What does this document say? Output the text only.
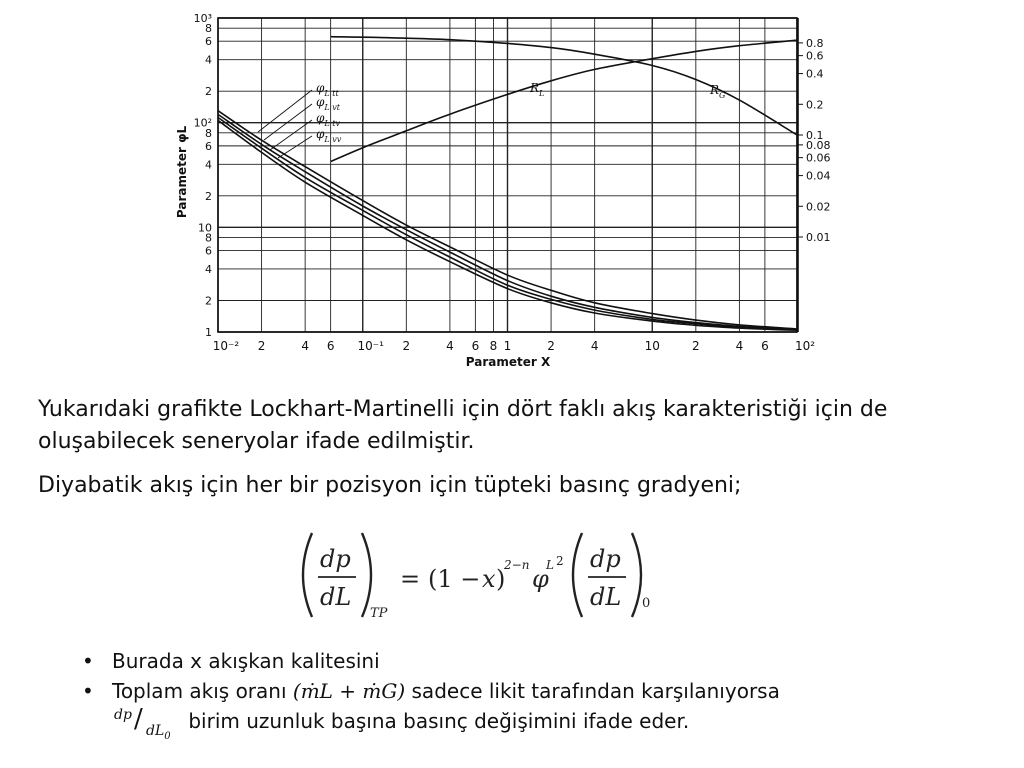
10⁻² 2	4 6 10⁻¹ 2	4 6 8 1	2	4	10	2	4 6 10²
1
2
4
6
8
10
2
4
6
8
10²
2
4
6
8
10³
0.01
0.02
0.04
0.06
0.08
0.1
0.2
0.4
0.6
0.8
Parameter X
Parameter φL
$\varphi_{L tt}$
$\varphi_{L vt}$
$\varphi_{L tv}$
$\varphi_{L vv}$
$R_L$	$R_G$

Yukarıdaki grafikte Lockhart-Martinelli için dört faklı akış karakteristiği için de oluşabilecek seneryolar ifade edilmiştir.

Diyabatik akış için her bir pozisyon için tüpteki basınç gradyeni;

dp
dL
TP
= (1 − x )
2−n φ
L 2 dp
dL 0
• Burada x akışkan kalitesini
• Toplam akış oranı (ṁL + ṁG) sadece likit tarafından karşılanıyorsa
dp / $dL_0$
birim uzunluk başına basınç değişimini ifade eder.
